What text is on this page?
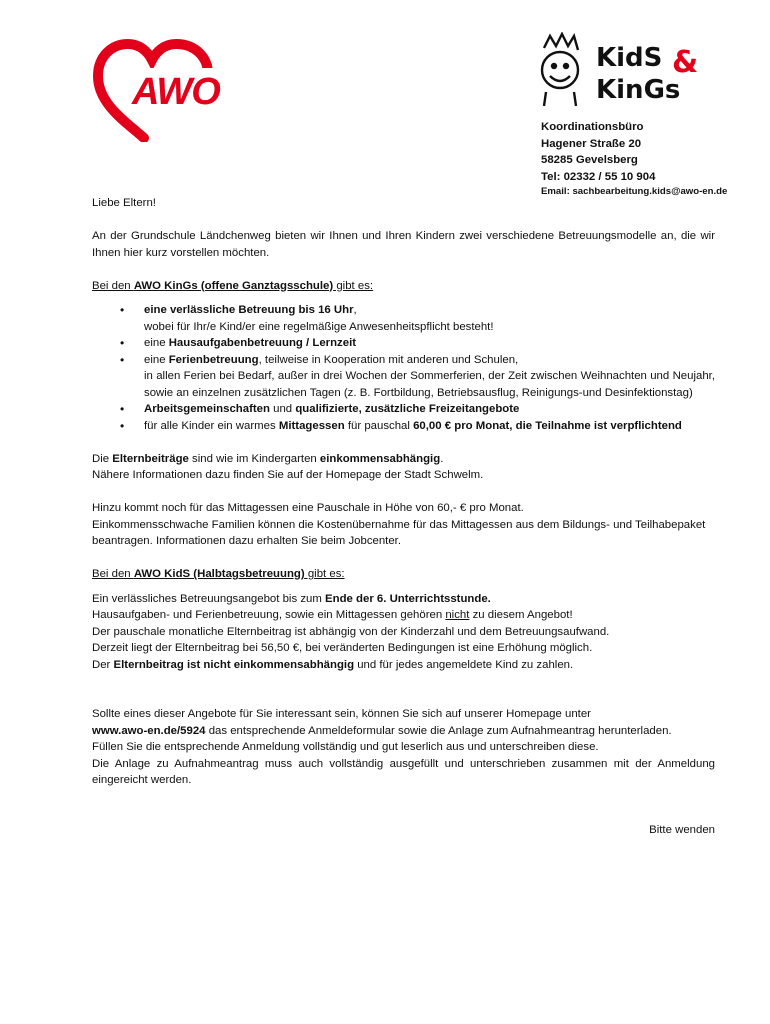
AWO
KidS &
KinGs
Koordinationsbüro
Hagener Straße 20
58285 Gevelsberg
Tel: 02332 / 55 10 904
Email: sachbearbeitung.kids@awo-en.de

Liebe Eltern!

An der Grundschule Ländchenweg bieten wir Ihnen und Ihren Kindern zwei verschiedene Betreuungsmodelle an, die wir Ihnen hier kurz vorstellen möchten.

Bei den AWO KinGs (offene Ganztagsschule) gibt es:

• eine verlässliche Betreuung bis 16 Uhr,
wobei für Ihr/e Kind/er eine regelmäßige Anwesenheitspflicht besteht!
• eine Hausaufgabenbetreuung / Lernzeit
• eine Ferienbetreuung, teilweise in Kooperation mit anderen und Schulen,

in allen Ferien bei Bedarf, außer in drei Wochen der Sommerferien, der Zeit zwischen Weihnachten und Neujahr, sowie an einzelnen zusätzlichen Tagen (z. B. Fortbildung, Betriebsausflug, Reinigungs-und Desinfektionstag)
• Arbeitsgemeinschaften und qualifizierte, zusätzliche Freizeitangebote
• für alle Kinder ein warmes Mittagessen für pauschal 60,00 € pro Monat, die Teilnahme ist verpflichtend

Die Elternbeiträge sind wie im Kindergarten einkommensabhängig.

Nähere Informationen dazu finden Sie auf der Homepage der Stadt Schwelm.

Hinzu kommt noch für das Mittagessen eine Pauschale in Höhe von 60,- € pro Monat.

Einkommensschwache Familien können die Kostenübernahme für das Mittagessen aus dem Bildungs- und Teilhabepaket beantragen. Informationen dazu erhalten Sie beim Jobcenter.

Bei den AWO KidS (Halbtagsbetreuung) gibt es:

Ein verlässliches Betreuungsangebot bis zum Ende der 6. Unterrichtsstunde.

Hausaufgaben- und Ferienbetreuung, sowie ein Mittagessen gehören nicht zu diesem Angebot!

Der pauschale monatliche Elternbeitrag ist abhängig von der Kinderzahl und dem Betreuungsaufwand.

Derzeit liegt der Elternbeitrag bei 56,50 €, bei veränderten Bedingungen ist eine Erhöhung möglich.

Der Elternbeitrag ist nicht einkommensabhängig und für jedes angemeldete Kind zu zahlen.

Sollte eines dieser Angebote für Sie interessant sein, können Sie sich auf unserer Homepage unter

www.awo-en.de/5924 das entsprechende Anmeldeformular sowie die Anlage zum Aufnahmeantrag herunterladen.

Füllen Sie die entsprechende Anmeldung vollständig und gut leserlich aus und unterschreiben diese.

Die Anlage zu Aufnahmeantrag muss auch vollständig ausgefüllt und unterschrieben zusammen mit der Anmeldung eingereicht werden.

Bitte wenden
